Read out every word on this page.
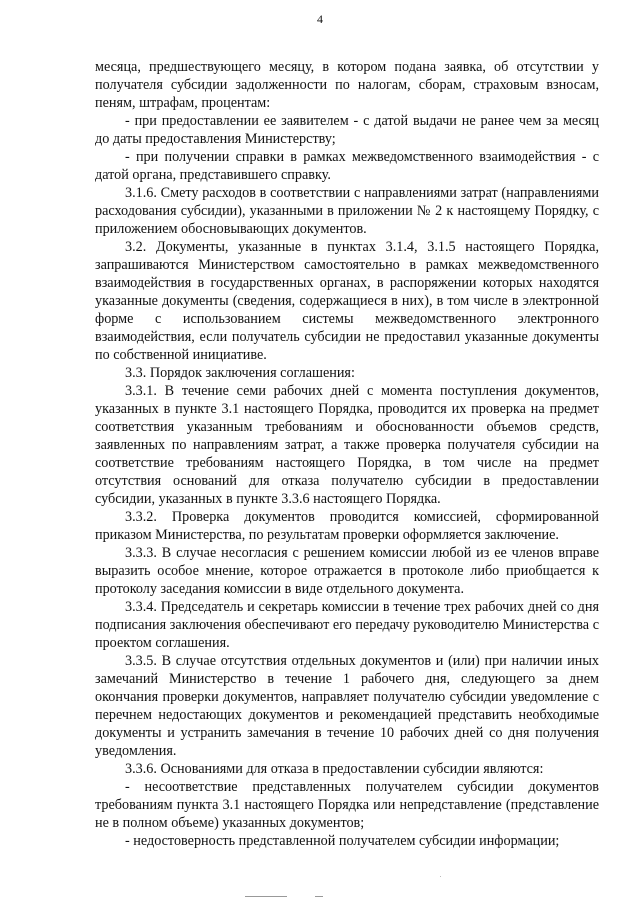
4

месяца, предшествующего месяцу, в котором подана заявка, об отсутствии у получателя субсидии задолженности по налогам, сборам, страховым взносам, пеням, штрафам, процентам:

- при предоставлении ее заявителем - с датой выдачи не ранее чем за месяц до даты предоставления Министерству;

- при получении справки в рамках межведомственного взаимодействия - с датой органа, представившего справку.

3.1.6. Смету расходов в соответствии с направлениями затрат (направлениями расходования субсидии), указанными в приложении № 2 к настоящему Порядку, с приложением обосновывающих документов.

3.2. Документы, указанные в пунктах 3.1.4, 3.1.5 настоящего Порядка, запрашиваются Министерством самостоятельно в рамках межведомственного взаимодействия в государственных органах, в распоряжении которых находятся указанные документы (сведения, содержащиеся в них), в том числе в электронной форме с использованием системы межведомственного электронного взаимодействия, если получатель субсидии не предоставил указанные документы по собственной инициативе.

3.3. Порядок заключения соглашения:

3.3.1. В течение семи рабочих дней с момента поступления документов, указанных в пункте 3.1 настоящего Порядка, проводится их проверка на предмет соответствия указанным требованиям и обоснованности объемов средств, заявленных по направлениям затрат, а также проверка получателя субсидии на соответствие требованиям настоящего Порядка, в том числе на предмет отсутствия оснований для отказа получателю субсидии в предоставлении субсидии, указанных в пункте 3.3.6 настоящего Порядка.

3.3.2. Проверка документов проводится комиссией, сформированной приказом Министерства, по результатам проверки оформляется заключение.

3.3.3. В случае несогласия с решением комиссии любой из ее членов вправе выразить особое мнение, которое отражается в протоколе либо приобщается к протоколу заседания комиссии в виде отдельного документа.

3.3.4. Председатель и секретарь комиссии в течение трех рабочих дней со дня подписания заключения обеспечивают его передачу руководителю Министерства с проектом соглашения.

3.3.5. В случае отсутствия отдельных документов и (или) при наличии иных замечаний Министерство в течение 1 рабочего дня, следующего за днем окончания проверки документов, направляет получателю субсидии уведомление с перечнем недостающих документов и рекомендацией представить необходимые документы и устранить замечания в течение 10 рабочих дней со дня получения уведомления.

3.3.6. Основаниями для отказа в предоставлении субсидии являются:

- несоответствие представленных получателем субсидии документов требованиям пункта 3.1 настоящего Порядка или непредставление (представление не в полном объеме) указанных документов;

- недостоверность представленной получателем субсидии информации;
